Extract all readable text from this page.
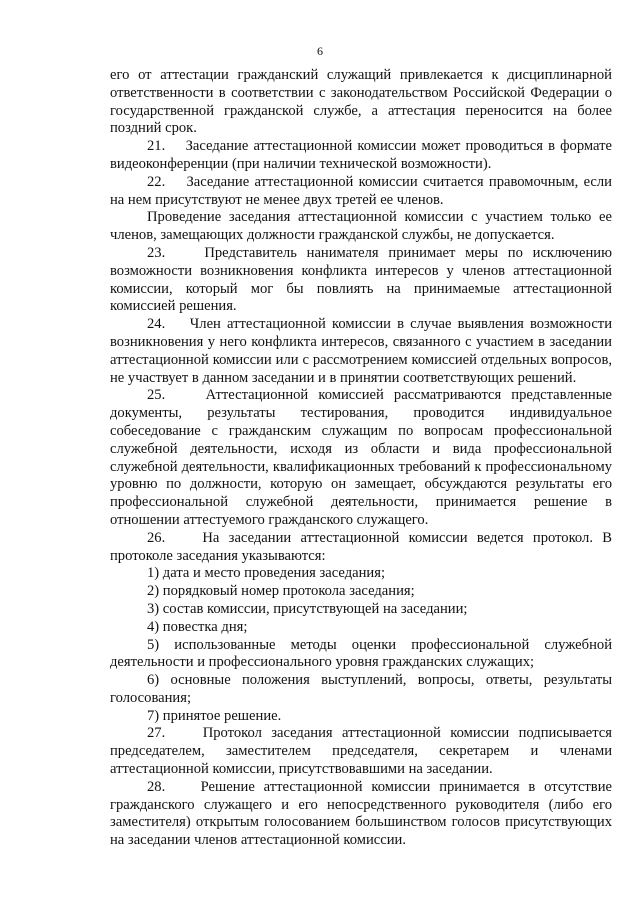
6

его от аттестации гражданский служащий привлекается к дисциплинарной ответственности в соответствии с законодательством Российской Федерации о государственной гражданской службе, а аттестация переносится на более поздний срок.

21.    Заседание аттестационной комиссии может проводиться в формате видеоконференции (при наличии технической возможности).

22.    Заседание аттестационной комиссии считается правомочным, если на нем присутствуют не менее двух третей ее членов.

Проведение заседания аттестационной комиссии с участием только ее членов, замещающих должности гражданской службы, не допускается.

23.    Представитель нанимателя принимает меры по исключению возможности возникновения конфликта интересов у членов аттестационной комиссии, который мог бы повлиять на принимаемые аттестационной комиссией решения.

24.    Член аттестационной комиссии в случае выявления возможности возникновения у него конфликта интересов, связанного с участием в заседании аттестационной комиссии или с рассмотрением комиссией отдельных вопросов, не участвует в данном заседании и в принятии соответствующих решений.

25.    Аттестационной комиссией рассматриваются представленные документы, результаты тестирования, проводится индивидуальное собеседование с гражданским служащим по вопросам профессиональной служебной деятельности, исходя из области и вида профессиональной служебной деятельности, квалификационных требований к профессиональному уровню по должности, которую он замещает, обсуждаются результаты его профессиональной служебной деятельности, принимается решение в отношении аттестуемого гражданского служащего.

26.    На заседании аттестационной комиссии ведется протокол. В протоколе заседания указываются:

1) дата и место проведения заседания;

2) порядковый номер протокола заседания;

3) состав комиссии, присутствующей на заседании;

4) повестка дня;

5) использованные методы оценки профессиональной служебной деятельности и профессионального уровня гражданских служащих;

6) основные положения выступлений, вопросы, ответы, результаты голосования;

7) принятое решение.

27.    Протокол заседания аттестационной комиссии подписывается председателем, заместителем председателя, секретарем и членами аттестационной комиссии, присутствовавшими на заседании.

28.    Решение аттестационной комиссии принимается в отсутствие гражданского служащего и его непосредственного руководителя (либо его заместителя) открытым голосованием большинством голосов присутствующих на заседании членов аттестационной комиссии.
